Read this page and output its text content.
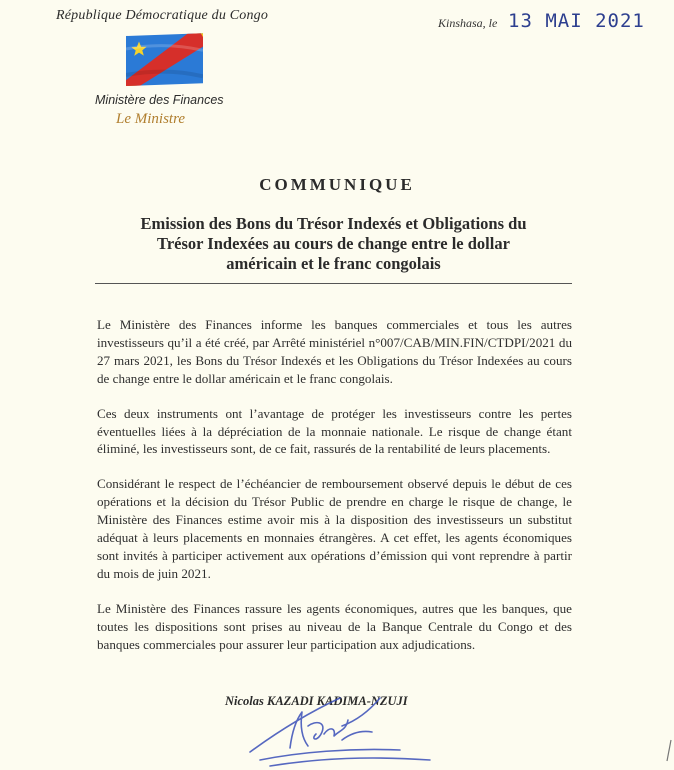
République Démocratique du Congo
Ministère des Finances
Le Ministre
Kinshasa, le 13 MAI 2021
COMMUNIQUE
Emission des Bons du Trésor Indexés et Obligations du
Trésor Indexées au cours de change entre le dollar
américain et le franc congolais

Le Ministère des Finances informe les banques commerciales et tous les autres investisseurs qu’il a été créé, par Arrêté ministériel n°007/CAB/MIN.FIN/CTDPI/2021 du 27 mars 2021, les Bons du Trésor Indexés et les Obligations du Trésor Indexées au cours de change entre le dollar américain et le franc congolais.

Ces deux instruments ont l’avantage de protéger les investisseurs contre les pertes éventuelles liées à la dépréciation de la monnaie nationale. Le risque de change étant éliminé, les investisseurs sont, de ce fait, rassurés de la rentabilité de leurs placements.

Considérant le respect de l’échéancier de remboursement observé depuis le début de ces opérations et la décision du Trésor Public de prendre en charge le risque de change, le Ministère des Finances estime avoir mis à la disposition des investisseurs un substitut adéquat à leurs placements en monnaies étrangères. A cet effet, les agents économiques sont invités à participer activement aux opérations d’émission qui vont reprendre à partir du mois de juin 2021.

Le Ministère des Finances rassure les agents économiques, autres que les banques, que toutes les dispositions sont prises au niveau de la Banque Centrale du Congo et des banques commerciales pour assurer leur participation aux adjudications.

Nicolas KAZADI KADIMA-NZUJI
